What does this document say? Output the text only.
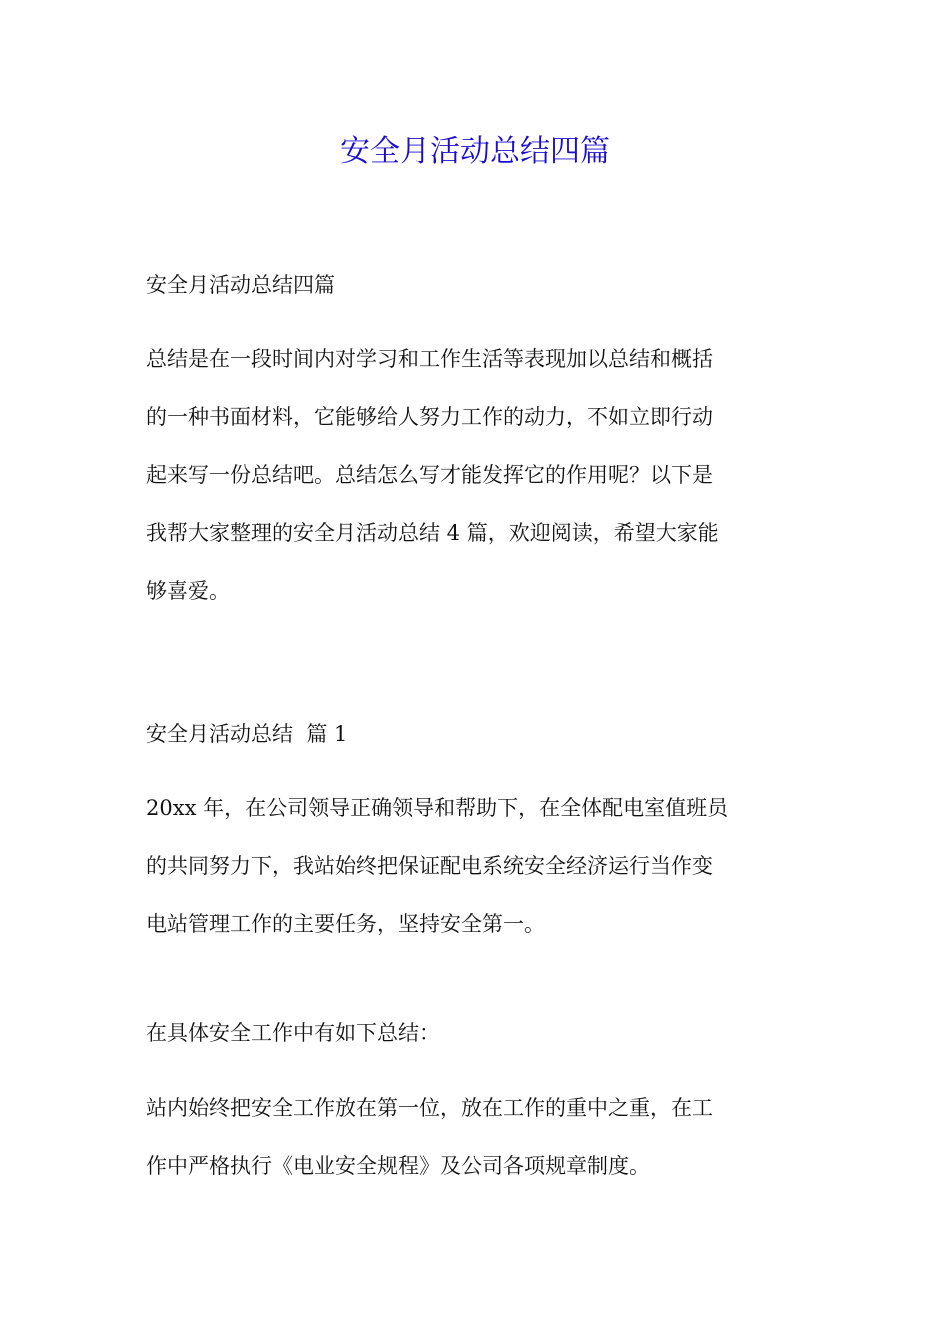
安全月活动总结四篇

安全月活动总结四篇

总结是在一段时间内对学习和工作生活等表现加以总结和概括
的一种书面材料，它能够给人努力工作的动力，不如立即行动
起来写一份总结吧。总结怎么写才能发挥它的作用呢？以下是
我帮大家整理的安全月活动总结 4 篇，欢迎阅读，希望大家能
够喜爱。

安全月活动总结  篇 1

20xx 年，在公司领导正确领导和帮助下，在全体配电室值班员
的共同努力下，我站始终把保证配电系统安全经济运行当作变
电站管理工作的主要任务，坚持安全第一。

在具体安全工作中有如下总结：

站内始终把安全工作放在第一位，放在工作的重中之重，在工
作中严格执行《电业安全规程》及公司各项规章制度。
